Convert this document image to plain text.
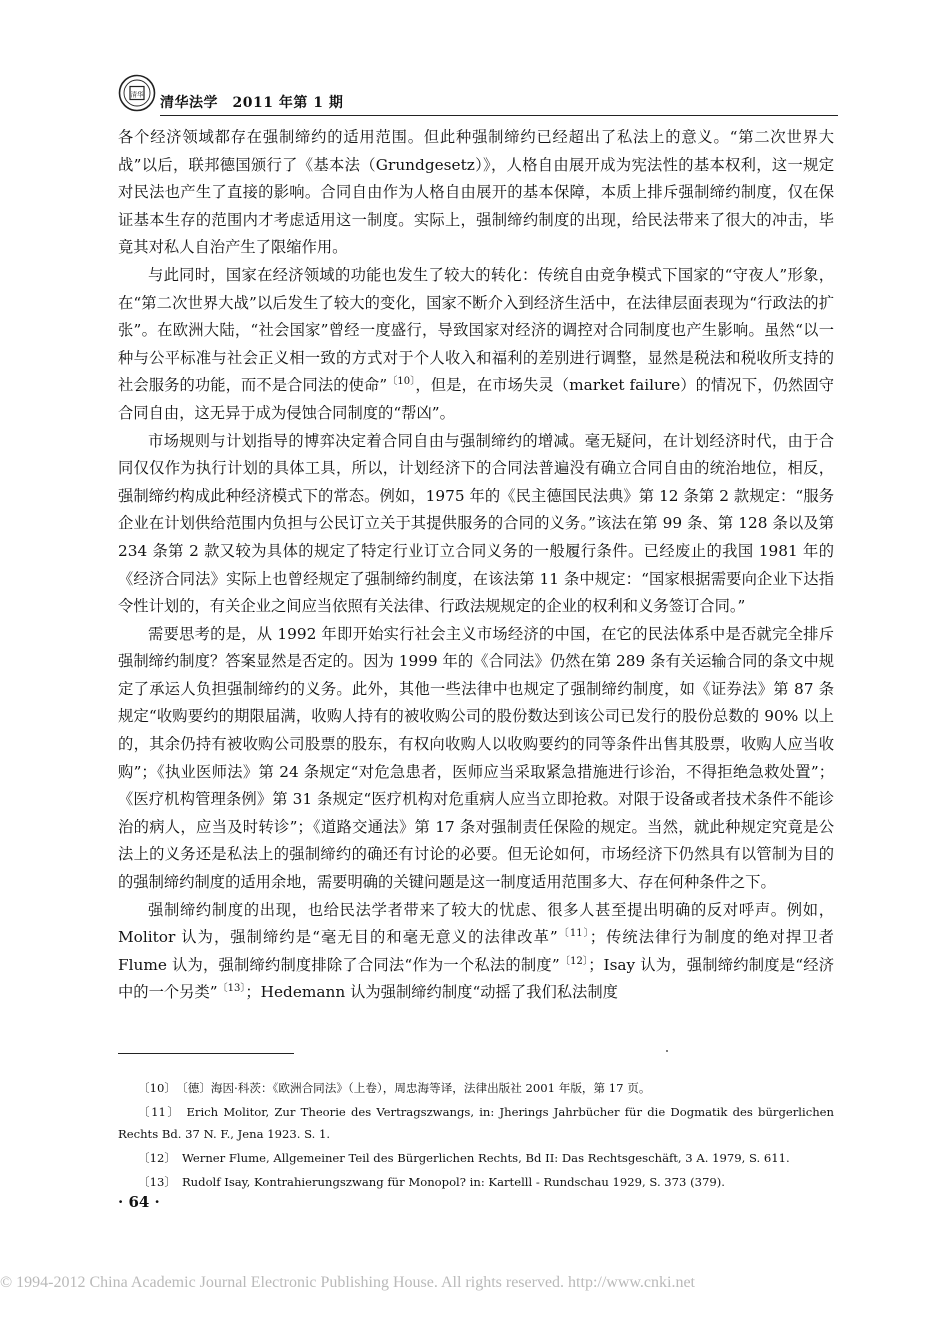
清华
清华法学　2011 年第 1 期

各个经济领域都存在强制缔约的适用范围。但此种强制缔约已经超出了私法上的意义。“第二次世界大战”以后，联邦德国颁行了《基本法（Grundgesetz）》，人格自由展开成为宪法性的基本权利，这一规定对民法也产生了直接的影响。合同自由作为人格自由展开的基本保障，本质上排斥强制缔约制度，仅在保证基本生存的范围内才考虑适用这一制度。实际上，强制缔约制度的出现，给民法带来了很大的冲击，毕竟其对私人自治产生了限缩作用。

与此同时，国家在经济领域的功能也发生了较大的转化：传统自由竞争模式下国家的“守夜人”形象，在“第二次世界大战”以后发生了较大的变化，国家不断介入到经济生活中，在法律层面表现为“行政法的扩张”。在欧洲大陆，“社会国家”曾经一度盛行，导致国家对经济的调控对合同制度也产生影响。虽然“以一种与公平标准与社会正义相一致的方式对于个人收入和福利的差别进行调整，显然是税法和税收所支持的社会服务的功能，而不是合同法的使命”$^{〔10〕}$，但是，在市场失灵（market failure）的情况下，仍然固守合同自由，这无异于成为侵蚀合同制度的“帮凶”。

市场规则与计划指导的博弈决定着合同自由与强制缔约的增减。毫无疑问，在计划经济时代，由于合同仅仅作为执行计划的具体工具，所以，计划经济下的合同法普遍没有确立合同自由的统治地位，相反，强制缔约构成此种经济模式下的常态。例如，1975 年的《民主德国民法典》第 12 条第 2 款规定：“服务企业在计划供给范围内负担与公民订立关于其提供服务的合同的义务。”该法在第 99 条、第 128 条以及第 234 条第 2 款又较为具体的规定了特定行业订立合同义务的一般履行条件。已经废止的我国 1981 年的《经济合同法》实际上也曾经规定了强制缔约制度，在该法第 11 条中规定：“国家根据需要向企业下达指令性计划的，有关企业之间应当依照有关法律、行政法规规定的企业的权利和义务签订合同。”

需要思考的是，从 1992 年即开始实行社会主义市场经济的中国，在它的民法体系中是否就完全排斥强制缔约制度？答案显然是否定的。因为 1999 年的《合同法》仍然在第 289 条有关运输合同的条文中规定了承运人负担强制缔约的义务。此外，其他一些法律中也规定了强制缔约制度，如《证券法》第 87 条规定“收购要约的期限届满，收购人持有的被收购公司的股份数达到该公司已发行的股份总数的 90% 以上的，其余仍持有被收购公司股票的股东，有权向收购人以收购要约的同等条件出售其股票，收购人应当收购”；《执业医师法》第 24 条规定“对危急患者，医师应当采取紧急措施进行诊治，不得拒绝急救处置”；《医疗机构管理条例》第 31 条规定“医疗机构对危重病人应当立即抢救。对限于设备或者技术条件不能诊治的病人，应当及时转诊”；《道路交通法》第 17 条对强制责任保险的规定。当然，就此种规定究竟是公法上的义务还是私法上的强制缔约的确还有讨论的必要。但无论如何，市场经济下仍然具有以管制为目的的强制缔约制度的适用余地，需要明确的关键问题是这一制度适用范围多大、存在何种条件之下。

强制缔约制度的出现，也给民法学者带来了较大的忧虑、很多人甚至提出明确的反对呼声。例如，Molitor 认为，强制缔约是“毫无目的和毫无意义的法律改革”$^{〔11〕}$；传统法律行为制度的绝对捍卫者 Flume 认为，强制缔约制度排除了合同法“作为一个私法的制度”$^{〔12〕}$；Isay 认为，强制缔约制度是“经济中的一个另类”$^{〔13〕}$；Hedemann 认为强制缔约制度“动摇了我们私法制度

〔10〕 〔德〕海因·科茨：《欧洲合同法》（上卷），周忠海等译，法律出版社 2001 年版，第 17 页。

〔11〕 Erich Molitor, Zur Theorie des Vertragszwangs, in: Jherings Jahrbücher für die Dogmatik des bürgerlichen Rechts Bd. 37 N. F., Jena 1923. S. 1.

〔12〕 Werner Flume, Allgemeiner Teil des Bürgerlichen Rechts, Bd II: Das Rechtsgeschäft, 3 A. 1979, S. 611.

〔13〕 Rudolf Isay, Kontrahierungszwang für Monopol? in: Kartelll - Rundschau 1929, S. 373 (379).

· 64 ·
© 1994-2012 China Academic Journal Electronic Publishing House. All rights reserved. http://www.cnki.net
